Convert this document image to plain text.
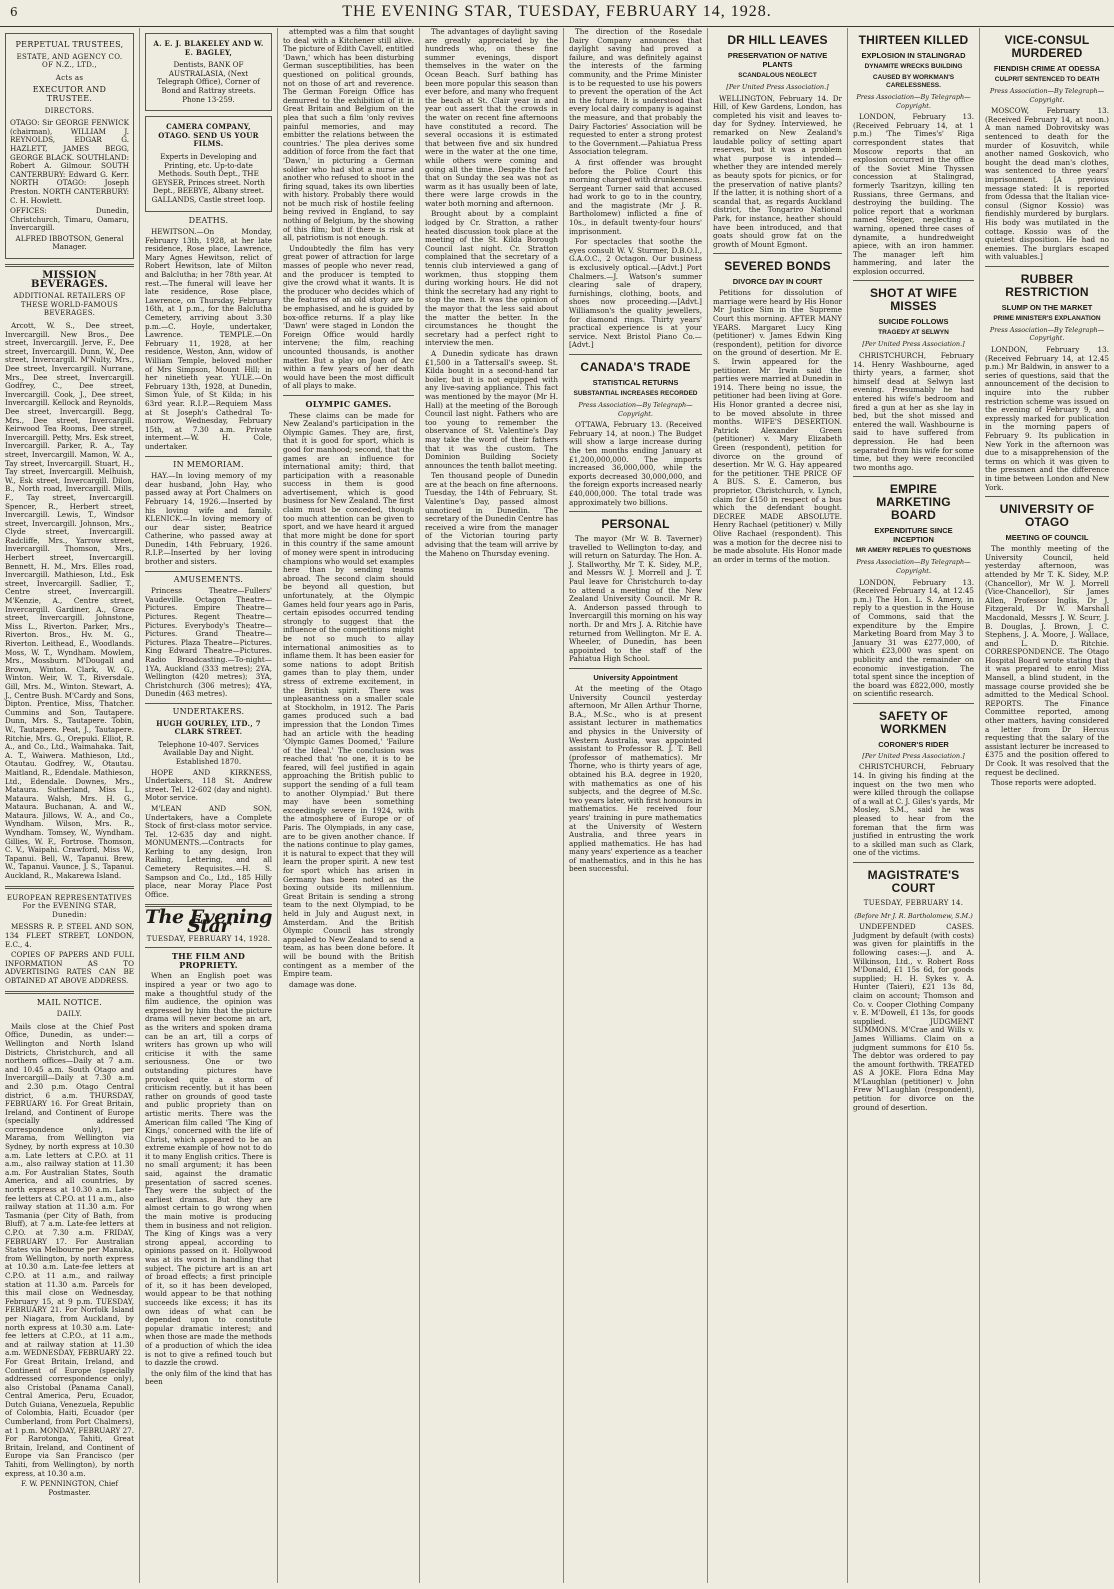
6	THE EVENING STAR, TUESDAY, FEBRUARY 14, 1928.
PERPETUAL TRUSTEES,
ESTATE, AND AGENCY CO. OF N.Z., LTD.,
Acts as
EXECUTOR AND TRUSTEE.
DIRECTORS.

OTAGO: Sir GEORGE FENWICK (chairman), WILLIAM J. REYNOLDS, EDGAR G. HAZLETT, JAMES BEGG, GEORGE BLACK. SOUTHLAND: Robert A. Gilmour. SOUTH CANTERBURY: Edward G. Kerr. NORTH OTAGO: Joseph Preston. NORTH CANTERBURY: C. H. Howlett.

OFFICES: Dunedin, Christchurch, Timaru, Oamaru, Invercargill.

ALFRED IBBOTSON, General Manager.

MISSION BEVERAGES.
ADDITIONAL RETAILERS OF THESE WORLD-FAMOUS BEVERAGES.

Arcott, W. S., Dee street, Invercargill. New Bros., Dee street, Invercargill. Jerve, F., Dee street, Invercargill. Dunn, W., Dee street, Invercargill. M'Nulty, Mrs., Dee street, Invercargill. Nurrane, Mrs., Dee street, Invercargill. Godfrey, C., Dee street, Invercargill. Cook, J., Dee street, Invercargill. Kellock and Reynolds, Dee street, Invercargill. Begg, Mrs., Dee street, Invercargill. Keirwood Tea Rooms, Dee street, Invercargill. Petty, Mrs. Esk street, Invercargill. Parker, R. A., Tay street, Invercargill. Mamon, W. A., Tay street, Invercargill. Stuart, H., Tay street, Invercargill. Melhuish, W., Esk street, Invercargill. Dilon, B., North road, Invercargill. Mills, F., Tay street, Invercargill. Spencer, R., Herbert street, Invercargill. Lewis, T., Windsor street, Invercargill. Johnson, Mrs., Clyde street, Invercargill. Radcliffe, Mrs., Yarrow street, Invercargill. Thomson, Mrs., Herbert street, Invercargill. Bennett, H. M., Mrs. Elles road, Invercargill. Mathieson, Ltd., Esk street, Invercargill. Sadlier, T., Centre street, Invercargill. M'Kenzie, A., Centre street, Invercargill. Gardiner, A., Grace street, Invercargill. Johnstone, Miss L., Riverton. Parker, Mrs., Riverton. Bros., Hv. M. G., Riverton. Leithead, E., Woodlands. Moss, W. T., Wyndham. Mowlem, Mrs., Mossburn. M'Dougall and Brown, Winton. Clark, W. G., Winton. Weir, W. T., Riversdale. Gill, Mrs. M., Winton. Stewart, A. J., Centre Bush. M'Cardy and Sons, Dipton. Prentice, Miss, Thatcher. Cummins and Son, Tautapere. Dunn, Mrs. S., Tautapere. Tobin, W., Tautapere. Peat, J., Tautapere. Ritchie, Mrs. G., Orepuki. Elliot, R. A., and Co., Ltd., Waimahaka. Tait, A. T., Waiwera. Mathieson, Ltd., Otautau. Godfrey, W., Otautau. Maitland, R., Edendale. Mathieson, Ltd., Edendale. Downes, Mrs., Mataura. Sutherland, Miss L., Mataura. Walsh, Mrs. H. G., Mataura. Buchanan, A. and W., Mataura. Jillows, W. A., and Co., Wyndham. Wilson, Mrs. R., Wyndham. Tomsey, W., Wyndham. Gillies, W. F., Fortrose. Thomson, C. V., Waipahi. Crawford, Miss W., Tapanui. Bell, W., Tapanui. Brew, W., Tapanui. Vaunce, J. S., Tapanui. Auckland, R., Makarewa Island.

EUROPEAN REPRESENTATIVES For the EVENING STAR, Dunedin:

MESSRS R. P. STEEL AND SON, 134 FLEET STREET, LONDON, E.C., 4.

COPIES OF PAPERS AND FULL INFORMATION AS TO ADVERTISING RATES CAN BE OBTAINED AT ABOVE ADDRESS.

MAIL NOTICE.
DAILY.

Mails close at the Chief Post Office, Dunedin, as under:— Wellington and North Island Districts, Christchurch, and all northern offices—Daily at 7 a.m. and 10.45 a.m. South Otago and Invercargill—Daily at 7.30 a.m. and 2.30 p.m. Otago Central district, 6 a.m. THURSDAY, FEBRUARY 16. For Great Britain, Ireland, and Continent of Europe (specially addressed correspondence only), per Marama, from Wellington via Sydney, by north express at 10.30 a.m. Late letters at C.P.O. at 11 a.m., also railway station at 11.30 a.m. For Australian States, South America, and all countries, by north express at 10.30 a.m. Late-fee letters at C.P.O. at 11 a.m., also railway station at 11.30 a.m. For Tasmania (per City of Bath, from Bluff), at 7 a.m. Late-fee letters at C.P.O. at 7.30 a.m. FRIDAY, FEBRUARY 17. For Australian States via Melbourne per Manuka, from Wellington, by north express at 10.30 a.m. Late-fee letters at C.P.O. at 11 a.m., and railway station at 11.30 a.m. Parcels for this mail close on Wednesday, February 15, at 9 p.m. TUESDAY, FEBRUARY 21. For Norfolk Island per Niagara, from Auckland, by north express at 10.30 a.m. Late-fee letters at C.P.O., at 11 a.m., and at railway station at 11.30 a.m. WEDNESDAY, FEBRUARY 22. For Great Britain, Ireland, and Continent of Europe (specially addressed correspondence only), also Cristobal (Panama Canal), Central America, Peru, Ecuador, Dutch Guiana, Venezuela, Republic of Colombia, Haiti, Ecuador (per Cumberland, from Port Chalmers), at 1 p.m. MONDAY, FEBRUARY 27. For Rarotonga, Tahiti, Great Britain, Ireland, and Continent of Europe via San Francisco (per Tahiti, from Wellington), by north express, at 10.30 a.m.

F. W. PENNINGTON, Chief Postmaster.

A. E. J. BLAKELEY AND W. E. BAGLEY,

Dentists, BANK OF AUSTRALASIA, (Next Telegraph Office), Corner of Bond and Rattray streets. Phone 13-259.

CAMERA COMPANY, OTAGO. SEND US YOUR FILMS.

Experts in Developing and Printing, etc. Up-to-date Methods. South Dept., THE GEYSER, Princes street. North Dept., BEEBYE, Albany street. GALLANDS, Castle street loop.

DEATHS.

HEWITSON.—On Monday, February 13th, 1928, at her late residence, Rose place, Lawrence, Mary Agnes Hewitson, relict of Robert Hewitson, late of Milton and Balclutha; in her 78th year. At rest.—The funeral will leave her late residence, Rose place, Lawrence, on Thursday, February 16th, at 1 p.m., for the Balclutha Cemetery, arriving about 3.30 p.m.—C. Hoyle, undertaker, Lawrence. TEMPLE.—On February 11, 1928, at her residence, Weston, Ann, widow of William Temple, beloved mother of Mrs Simpson, Mount Hill; in her ninetieth year. YULE.—On February 13th, 1928, at Dunedin, Simon Yule, of St Kilda; in his 63rd year. R.I.P.—Requiem Mass at St Joseph's Cathedral To-morrow, Wednesday, February 15th, at 7.30 a.m. Private interment.—W. H. Cole, undertaker.

IN MEMORIAM.

HAY.—In loving memory of my dear husband, John Hay, who passed away at Port Chalmers on February 14, 1926.—Inserted by his loving wife and family. KLENICK.—In loving memory of our dear sister, Beatrice Catherine, who passed away at Dunedin, 14th February, 1926. R.I.P.—Inserted by her loving brother and sisters.

AMUSEMENTS.

Princess Theatre—Fullers' Vaudeville. Octagon Theatre—Pictures. Empire Theatre—Pictures. Regent Theatre—Pictures. Everybody's Theatre—Pictures. Grand Theatre—Pictures. Plaza Theatre—Pictures. King Edward Theatre—Pictures. Radio Broadcasting.—To-night—1YA, Auckland (333 metres); 2YA, Wellington (420 metres); 3YA, Christchurch (306 metres); 4YA, Dunedin (463 metres).

UNDERTAKERS.
HUGH GOURLEY, LTD., 7 CLARK STREET.

Telephone 10-407. Services Available Day and Night. Established 1870.

HOPE AND KIRKNESS, Undertakers, 118 St. Andrew street. Tel. 12-602 (day and night). Motor service.

M'LEAN AND SON, Undertakers, have a Complete Stock of first-class motor service. Tel. 12-635 day and night. MONUMENTS.—Contracts for Kerbing to any design, Iron Railing, Lettering, and all Cemetery Requisites.—H. S. Sampson and Co., Ltd., 185 Hilly place, near Moray Place Post Office.

The Evening Star
TUESDAY, FEBRUARY 14, 1928.
THE FILM AND PROPRIETY.

When an English poet was inspired a year or two ago to make a thoughtful study of the film audience, the opinion was expressed by him that the picture drama will never become an art, as the writers and spoken drama can be an art, till a corps of writers has grown up who will criticise it with the same seriousness. One or two outstanding pictures have provoked quite a storm of criticism recently, but it has been rather on grounds of good taste and public propriety than on artistic merits. There was the American film called 'The King of Kings,' concerned with the life of Christ, which appeared to be an extreme example of how not to do it to many English critics. There is no small argument; it has been said, against the dramatic presentation of sacred scenes. They were the subject of the earliest dramas. But they are almost certain to go wrong when the main motive is producing them in business and not religion. The King of Kings was a very strong appeal, according to opinions passed on it. Hollywood was at its worst in handling that subject. The picture art is an art of broad effects; a first principle of it, so it has been developed, would appear to be that nothing succeeds like excess; it has its own ideas of what can be depended upon to constitute popular dramatic interest; and when those are made the methods of a production of which the idea is not to give a refined touch but to dazzle the crowd.

the only film of the kind that has been

attempted was a film that sought to deal with a Kitchener still alive. The picture of Edith Cavell, entitled 'Dawn,' which has been disturbing German susceptibilities, has been questioned on political grounds, not on those of art and reverence. The German Foreign Office has demurred to the exhibition of it in Great Britain and Belgium on the plea that such a film 'only revives painful memories, and may embitter the relations between the countries.' The plea derives some addition of force from the fact that 'Dawn,' in picturing a German soldier who had shot a nurse and another who refused to shoot in the firing squad, takes its own liberties with history. Probably there would not be much risk of hostile feeling being revived in England, to say nothing of Belgium, by the showing of this film; but if there is risk at all, patriotism is not enough.

Undoubtedly the film has very great power of attraction for large masses of people who never read, and the producer is tempted to give the crowd what it wants. It is the producer who decides which of the features of an old story are to be emphasised, and he is guided by box-office returns. If a play like 'Dawn' were staged in London the Foreign Office would hardly intervene; the film, reaching uncounted thousands, is another matter. But a play on Joan of Arc within a few years of her death would have been the most difficult of all plays to make.

OLYMPIC GAMES.

These claims can be made for New Zealand's participation in the Olympic Games. They are, first, that it is good for sport, which is good for manhood; second, that the games are an influence for international amity; third, that participation with a reasonable success in them is good advertisement, which is good business for New Zealand. The first claim must be conceded, though too much attention can be given to sport, and we have heard it argued that more might be done for sport in this country if the same amount of money were spent in introducing champions who would set examples here than by sending teams abroad. The second claim should be beyond all question, but unfortunately, at the Olympic Games held four years ago in Paris, certain episodes occurred tending strongly to suggest that the influence of the competitions might be not so much to allay international animosities as to inflame them. It has been easier for some nations to adopt British games than to play them, under stress of extreme excitement, in the British spirit. There was unpleasantness on a smaller scale at Stockholm, in 1912. The Paris games produced such a bad impression that the London Times had an article with the heading 'Olympic Games Doomed,' 'Failure of the Ideal.' The conclusion was reached that 'no one, it is to be feared, will feel justified in again approaching the British public to support the sending of a full team to another Olympiad.' But there may have been something exceedingly severe in 1924, with the atmosphere of Europe or of Paris. The Olympiads, in any case, are to be given another chance. If the nations continue to play games, it is natural to expect that they will learn the proper spirit. A new test for sport which has arisen in Germany has been noted as the boxing outside its millennium. Great Britain is sending a strong team to the next Olympiad, to be held in July and August next, in Amsterdam. And the British Olympic Council has strongly appealed to New Zealand to send a team, as has been done before. It will be bound with the British contingent as a member of the Empire team.

damage was done.

The advantages of daylight saving are greatly appreciated by the hundreds who, on these fine summer evenings, disport themselves in the water on the Ocean Beach. Surf bathing has been more popular this season than ever before, and many who frequent the beach at St. Clair year in and year out assert that the crowds in the water on recent fine afternoons have constituted a record. The several occasions it is estimated that between five and six hundred were in the water at the one time, while others were coming and going all the time. Despite the fact that on Sunday the sea was not as warm as it has usually been of late, there were large crowds in the water both morning and afternoon.

Brought about by a complaint lodged by Cr. Stratton, a rather heated discussion took place at the meeting of the St. Kilda Borough Council last night. Cr. Stratton complained that the secretary of a tennis club interviewed a gang of workmen, thus stopping them during working hours. He did not think the secretary had any right to stop the men. It was the opinion of the mayor that the less said about the matter the better. In the circumstances he thought the secretary had a perfect right to interview the men.

A Dunedin sydicate has drawn £1,500 in a Tattersall's sweep. St. Kilda bought in a second-hand tar boiler, but it is not equipped with any live-saving appliance. This fact was mentioned by the mayor (Mr H. Hall) at the meeting of the Borough Council last night. Fathers who are too young to remember the observance of St. Valentine's Day may take the word of their fathers that it was the custom. The Dominion Building Society announces the tenth ballot meeting.

Ten thousand people of Dunedin are at the beach on fine afternoons. Tuesday, the 14th of February, St. Valentine's Day, passed almost unnoticed in Dunedin. The secretary of the Dunedin Centre has received a wire from the manager of the Victorian touring party advising that the team will arrive by the Maheno on Thursday evening.

The direction of the Rosedale Dairy Company announces that daylight saving had proved a failure, and was definitely against the interests of the farming community, and the Prime Minister is to be requested to use his powers to prevent the operation of the Act in the future. It is understood that every local dairy company is against the measure, and that probably the Dairy Factories' Association will be requested to enter a strong protest to the Government.—Pahiatua Press Association telegram.

A first offender was brought before the Police Court this morning charged with drunkenness. Sergeant Turner said that accused had work to go to in the country, and the magistrate (Mr J. R. Bartholomew) inflicted a fine of 10s., in default twenty-four hours' imprisonment.

For spectacles that soothe the eyes consult W. V. Sturmer, D.B.O.I., G.A.O.C., 2 Octagon. Our business is exclusively optical.—[Advt.] Port Chalmers.—J. Watson's summer clearing sale of drapery, furnishings, clothing, boots, and shoes now proceeding.—[Advt.] Williamson's the quality jewellers, for diamond rings. Thirty years' practical experience is at your service. Next Bristol Piano Co.—[Advt.]

CANADA'S TRADE
STATISTICAL RETURNS
SUBSTANTIAL INCREASES RECORDED
Press Association—By Telegraph—Copyright.

OTTAWA, February 13. (Received February 14, at noon.) The Budget will show a large increase during the ten months ending January at £1,200,000,000. The imports increased 36,000,000, while the exports decreased 30,000,000, and the foreign exports increased nearly £40,000,000. The total trade was approximately two billions.

PERSONAL

The mayor (Mr W. B. Taverner) travelled to Wellington to-day, and will return on Saturday. The Hon. A. J. Stallworthy, Mr T. K. Sidey, M.P., and Messrs W. J. Morrell and J. T. Paul leave for Christchurch to-day to attend a meeting of the New Zealand University Council. Mr R. A. Anderson passed through to Invercargill this morning on his way north. Dr and Mrs J. A. Ritchie have returned from Wellington. Mr E. A. Wheeler, of Dunedin, has been appointed to the staff of the Pahiatua High School.

University Appointment

At the meeting of the Otago University Council yesterday afternoon, Mr Allen Arthur Thorne, B.A., M.Sc., who is at present assistant lecturer in mathematics and physics in the University of Western Australia, was appointed assistant to Professor R. J. T. Bell (professor of mathematics). Mr Thorne, who is thirty years of age, obtained his B.A. degree in 1920, with mathematics as one of his subjects, and the degree of M.Sc. two years later, with first honours in mathematics. He received four years' training in pure mathematics at the University of Western Australia, and three years in applied mathematics. He has had many years' experience as a teacher of mathematics, and in this he has been successful.

DR HILL LEAVES
PRESERVATION OF NATIVE PLANTS
SCANDALOUS NEGLECT
[Per United Press Association.]

WELLINGTON, February 14. Dr Hill, of Kew Gardens, London, has completed his visit and leaves to-day for Sydney. Interviewed, he remarked on New Zealand's laudable policy of setting apart reserves, but it was a problem what purpose is intended—whether they are intended merely as beauty spots for picnics, or for the preservation of native plants? If the latter, it is nothing short of a scandal that, as regards Auckland district, the Tongariro National Park, for instance, heather should have been introduced, and that goats should grow fat on the growth of Mount Egmont.

SEVERED BONDS
DIVORCE DAY IN COURT

Petitions for dissolution of marriage were heard by His Honor Mr Justice Sim in the Supreme Court this morning. AFTER MANY YEARS. Margaret Lucy King (petitioner) v. James Edwin King (respondent), petition for divorce on the ground of desertion. Mr E. S. Irwin appeared for the petitioner. Mr Irwin said the parties were married at Dunedin in 1914. There being no issue, the petitioner had been living at Gore. His Honor granted a decree nisi, to be moved absolute in three months. WIFE'S DESERTION. Patrick Alexander Green (petitioner) v. Mary Elizabeth Green (respondent), petition for divorce on the ground of desertion. Mr W. G. Hay appeared for the petitioner. THE PRICE OF A BUS. S. E. Cameron, bus proprietor, Christchurch, v. Lynch, claim for £150 in respect of a bus which the defendant bought. DECREE MADE ABSOLUTE. Henry Rachael (petitioner) v. Milly Olive Rachael (respondent). This was a motion for the decree nisi to be made absolute. His Honor made an order in terms of the motion.

THIRTEEN KILLED
EXPLOSION IN STALINGRAD
DYNAMITE WRECKS BUILDING
CAUSED BY WORKMAN'S CARELESSNESS.
Press Association—By Telegraph—Copyright.

LONDON, February 13. (Received February 14, at 1 p.m.) 'The Times's' Riga correspondent states that Moscow reports that an explosion occurred in the office of the Soviet Mine Thyssen concession at Stalingrad, formerly Tsaritzyn, killing ten Russians, three Germans, and destroying the building. The police report that a workman named Steiger, neglecting a warning, opened three cases of dynamite, a hundredweight apiece, with an iron hammer. The manager left him hammering, and later the explosion occurred.

SHOT AT WIFE MISSES
SUICIDE FOLLOWS
TRAGEDY AT SELWYN
[Per United Press Association.]

CHRISTCHURCH, February 14. Henry Washbourne, aged thirty years, a farmer, shot himself dead at Selwyn last evening. Presumably he had entered his wife's bedroom and fired a gun at her as she lay in bed, but the shot missed and entered the wall. Washbourne is said to have suffered from depression. He had been separated from his wife for some time, but they were reconciled two months ago.

EMPIRE MARKETING BOARD
EXPENDITURE SINCE INCEPTION
MR AMERY REPLIES TO QUESTIONS
Press Association—By Telegraph—Copyright.

LONDON, February 13. (Received February 14, at 12.45 p.m.) The Hon. L. S. Amery, in reply to a question in the House of Commons, said that the expenditure by the Empire Marketing Board from May 3 to January 31 was £277,000, of which £23,000 was spent on publicity and the remainder on economic investigation. The total spent since the inception of the board was £822,000, mostly on scientific research.

SAFETY OF WORKMEN
CORONER'S RIDER
[Per United Press Association.]

CHRISTCHURCH, February 14. In giving his finding at the inquest on the two men who were killed through the collapse of a wall at C. J. Giles's yards, Mr Mosley, S.M., said he was pleased to hear from the foreman that the firm was justified in entrusting the work to a skilled man such as Clark, one of the victims.

MAGISTRATE'S COURT
TUESDAY, FEBRUARY 14.
(Before Mr J. R. Bartholomew, S.M.)

UNDEFENDED CASES. Judgment by default (with costs) was given for plaintiffs in the following cases:—J. and A. Wilkinson, Ltd., v. Robert Ross M'Donald, £1 15s 6d, for goods supplied; H. H. Sykes v. A. Hunter (Taieri), £21 13s 8d, claim on account; Thomson and Co. v. Cooper Clothing Company v. E. M'Dowell, £1 13s, for goods supplied. JUDGMENT SUMMONS. M'Crae and Wills v. James Williams. Claim on a judgment summons for £10 5s. The debtor was ordered to pay the amount forthwith. TREATED AS A JOKE. Flora Edna May M'Laughlan (petitioner) v. John Frew M'Laughlan (respondent), petition for divorce on the ground of desertion.

VICE-CONSUL MURDERED
FIENDISH CRIME AT ODESSA
CULPRIT SENTENCED TO DEATH
Press Association—By Telegraph—Copyright.

MOSCOW, February 13. (Received February 14, at noon.) A man named Dobrovitsky was sentenced to death for the murder of Kosuvitch, while another named Goskovich, who bought the dead man's clothes, was sentenced to three years' imprisonment. [A previous message stated: It is reported from Odessa that the Italian vice-consul (Signor Kossio) was fiendishly murdered by burglars. His body was mutilated in the cottage. Kossio was of the quietest disposition. He had no enemies. The burglars escaped with valuables.]

RUBBER RESTRICTION
SLUMP ON THE MARKET
PRIME MINISTER'S EXPLANATION
Press Association—By Telegraph—Copyright.

LONDON, February 13. (Received February 14, at 12.45 p.m.) Mr Baldwin, in answer to a series of questions, said that the announcement of the decision to inquire into the rubber restriction scheme was issued on the evening of February 9, and expressly marked for publication in the morning papers of February 9. Its publication in New York in the afternoon was due to a misapprehension of the terms on which it was given to the pressmen and the difference in time between London and New York.

UNIVERSITY OF OTAGO
MEETING OF COUNCIL

The monthly meeting of the University Council, held yesterday afternoon, was attended by Mr T. K. Sidey, M.P. (Chancellor), Mr W. J. Morrell (Vice-Chancellor), Sir James Allen, Professor Inglis, Dr J. Fitzgerald, Dr W. Marshall Macdonald, Messrs J. W. Scurr, J. B. Douglas, J. Brown, J. C. Stephens, J. A. Moore, J. Wallace, and L. D. Ritchie. CORRESPONDENCE. The Otago Hospital Board wrote stating that it was prepared to enrol Miss Mansell, a blind student, in the massage course provided she be admitted to the Medical School. REPORTS. The Finance Committee reported, among other matters, having considered a letter from Dr Hercus requesting that the salary of the assistant lecturer be increased to £375 and the position offered to Dr Cook. It was resolved that the request be declined.

Those reports were adopted.
